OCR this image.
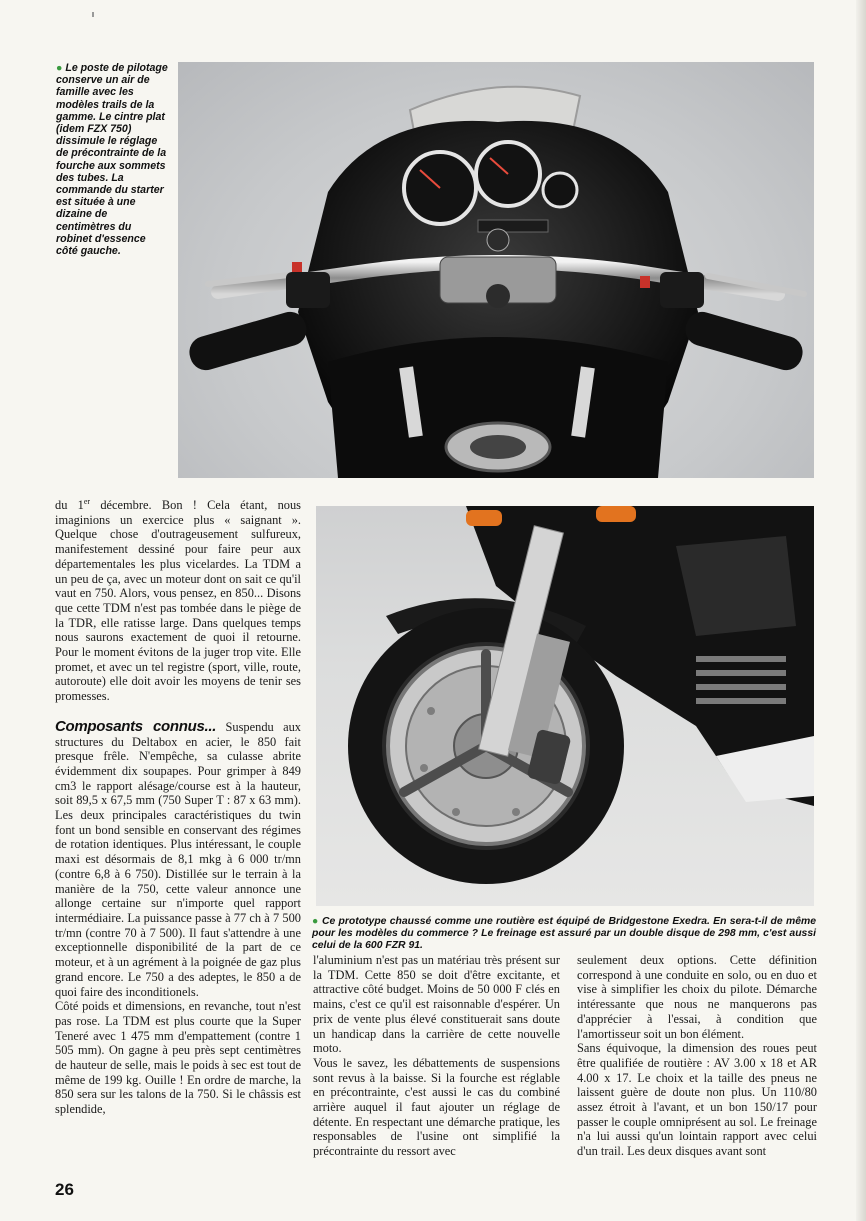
● Le poste de pilotage conserve un air de famille avec les modèles trails de la gamme. Le cintre plat (idem FZX 750) dissimule le réglage de précontrainte de la fourche aux sommets des tubes. La commande du starter est située à une dizaine de centimètres du robinet d'essence côté gauche.

du 1er décembre. Bon ! Cela étant, nous imaginions un exercice plus « saignant ». Quelque chose d'outrageusement sulfureux, manifestement dessiné pour faire peur aux départementales les plus vicelardes. La TDM a un peu de ça, avec un moteur dont on sait ce qu'il vaut en 750. Alors, vous pensez, en 850... Disons que cette TDM n'est pas tombée dans le piège de la TDR, elle ratisse large. Dans quelques temps nous saurons exactement de quoi il retourne. Pour le moment évitons de la juger trop vite. Elle promet, et avec un tel registre (sport, ville, route, autoroute) elle doit avoir les moyens de tenir ses promesses.

Composants connus... Suspendu aux structures du Deltabox en acier, le 850 fait presque frêle. N'empêche, sa culasse abrite évidemment dix soupapes. Pour grimper à 849 cm3 le rapport alésage/course est à la hauteur, soit 89,5 x 67,5 mm (750 Super T : 87 x 63 mm). Les deux principales caractéristiques du twin font un bond sensible en conservant des régimes de rotation identiques. Plus intéressant, le couple maxi est désormais de 8,1 mkg à 6 000 tr/mn (contre 6,8 à 6 750). Distillée sur le terrain à la manière de la 750, cette valeur annonce une allonge certaine sur n'importe quel rapport intermédiaire. La puissance passe à 77 ch à 7 500 tr/mn (contre 70 à 7 500). Il faut s'attendre à une exceptionnelle disponibilité de la part de ce moteur, et à un agrément à la poignée de gaz plus grand encore. Le 750 a des adeptes, le 850 a de quoi faire des inconditionels.

Côté poids et dimensions, en revanche, tout n'est pas rose. La TDM est plus courte que la Super Teneré avec 1 475 mm d'empattement (contre 1 505 mm). On gagne à peu près sept centimètres de hauteur de selle, mais le poids à sec est tout de même de 199 kg. Ouille ! En ordre de marche, la 850 sera sur les talons de la 750. Si le châssis est splendide,

● Ce prototype chaussé comme une routière est équipé de Bridgestone Exedra. En sera-t-il de même pour les modèles du commerce ? Le freinage est assuré par un double disque de 298 mm, c'est aussi celui de la 600 FZR 91.

l'aluminium n'est pas un matériau très présent sur la TDM. Cette 850 se doit d'être excitante, et attractive côté budget. Moins de 50 000 F clés en mains, c'est ce qu'il est raisonnable d'espérer. Un prix de vente plus élevé constituerait sans doute un handicap dans la carrière de cette nouvelle moto.

Vous le savez, les débattements de suspensions sont revus à la baisse. Si la fourche est réglable en précontrainte, c'est aussi le cas du combiné arrière auquel il faut ajouter un réglage de détente. En respectant une démarche pratique, les responsables de l'usine ont simplifié la précontrainte du ressort avec

seulement deux options. Cette définition correspond à une conduite en solo, ou en duo et vise à simplifier les choix du pilote. Démarche intéressante que nous ne manquerons pas d'apprécier à l'essai, à condition que l'amortisseur soit un bon élément.

Sans équivoque, la dimension des roues peut être qualifiée de routière : AV 3.00 x 18 et AR 4.00 x 17. Le choix et la taille des pneus ne laissent guère de doute non plus. Un 110/80 assez étroit à l'avant, et un bon 150/17 pour passer le couple omniprésent au sol. Le freinage n'a lui aussi qu'un lointain rapport avec celui d'un trail. Les deux disques avant sont

26
